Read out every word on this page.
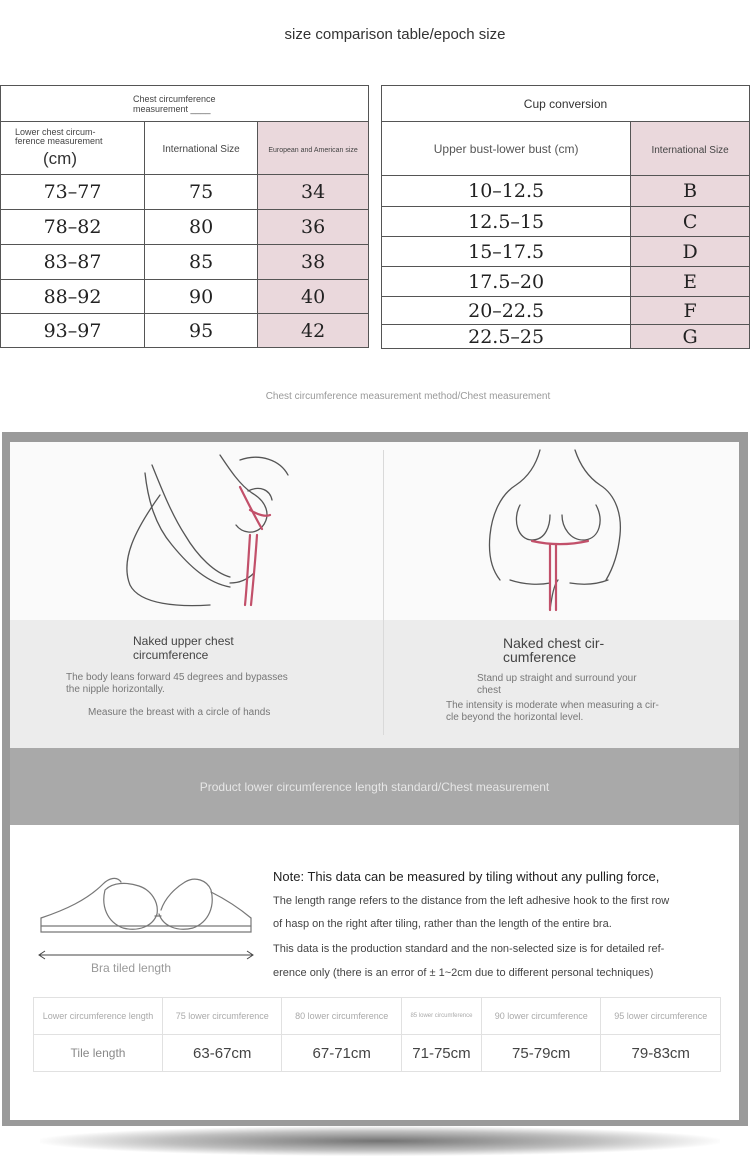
size comparison table/epoch size
Chest circumference measurement ____		

Lower chest circum-ference measurement
(cm)	International Size	European and American size
73–77	75	34
78–82	80	36
83–87	85	38
88–92	90	40
93–97	95	42
Cup conversion	
Upper bust-lower bust (cm)	International Size
10–12.5	B
12.5–15	C
15–17.5	D
17.5–20	E
20–22.5	F
22.5–25	G
Chest circumference measurement method/Chest measurement
Naked upper chest
circumference
The body leans forward 45 degrees and bypasses
the nipple horizontally.
Measure the breast with a circle of hands
Naked chest cir-
cumference
Stand up straight and surround your
chest
The intensity is moderate when measuring a cir-
cle beyond the horizontal level.
Product lower circumference length standard/Chest measurement
Bra tiled length
Note: This data can be measured by tiling without any pulling force,
The length range refers to the distance from the left adhesive hook to the first row
of hasp on the right after tiling, rather than the length of the entire bra.
This data is the production standard and the non-selected size is for detailed ref-
erence only (there is an error of ± 1~2cm due to different personal techniques)
Lower circumference length	75 lower circumference	80 lower circumference	85 lower circumference	90 lower circumference	95 lower circumference
Tile length	63-67cm	67-71cm	71-75cm	75-79cm	79-83cm
